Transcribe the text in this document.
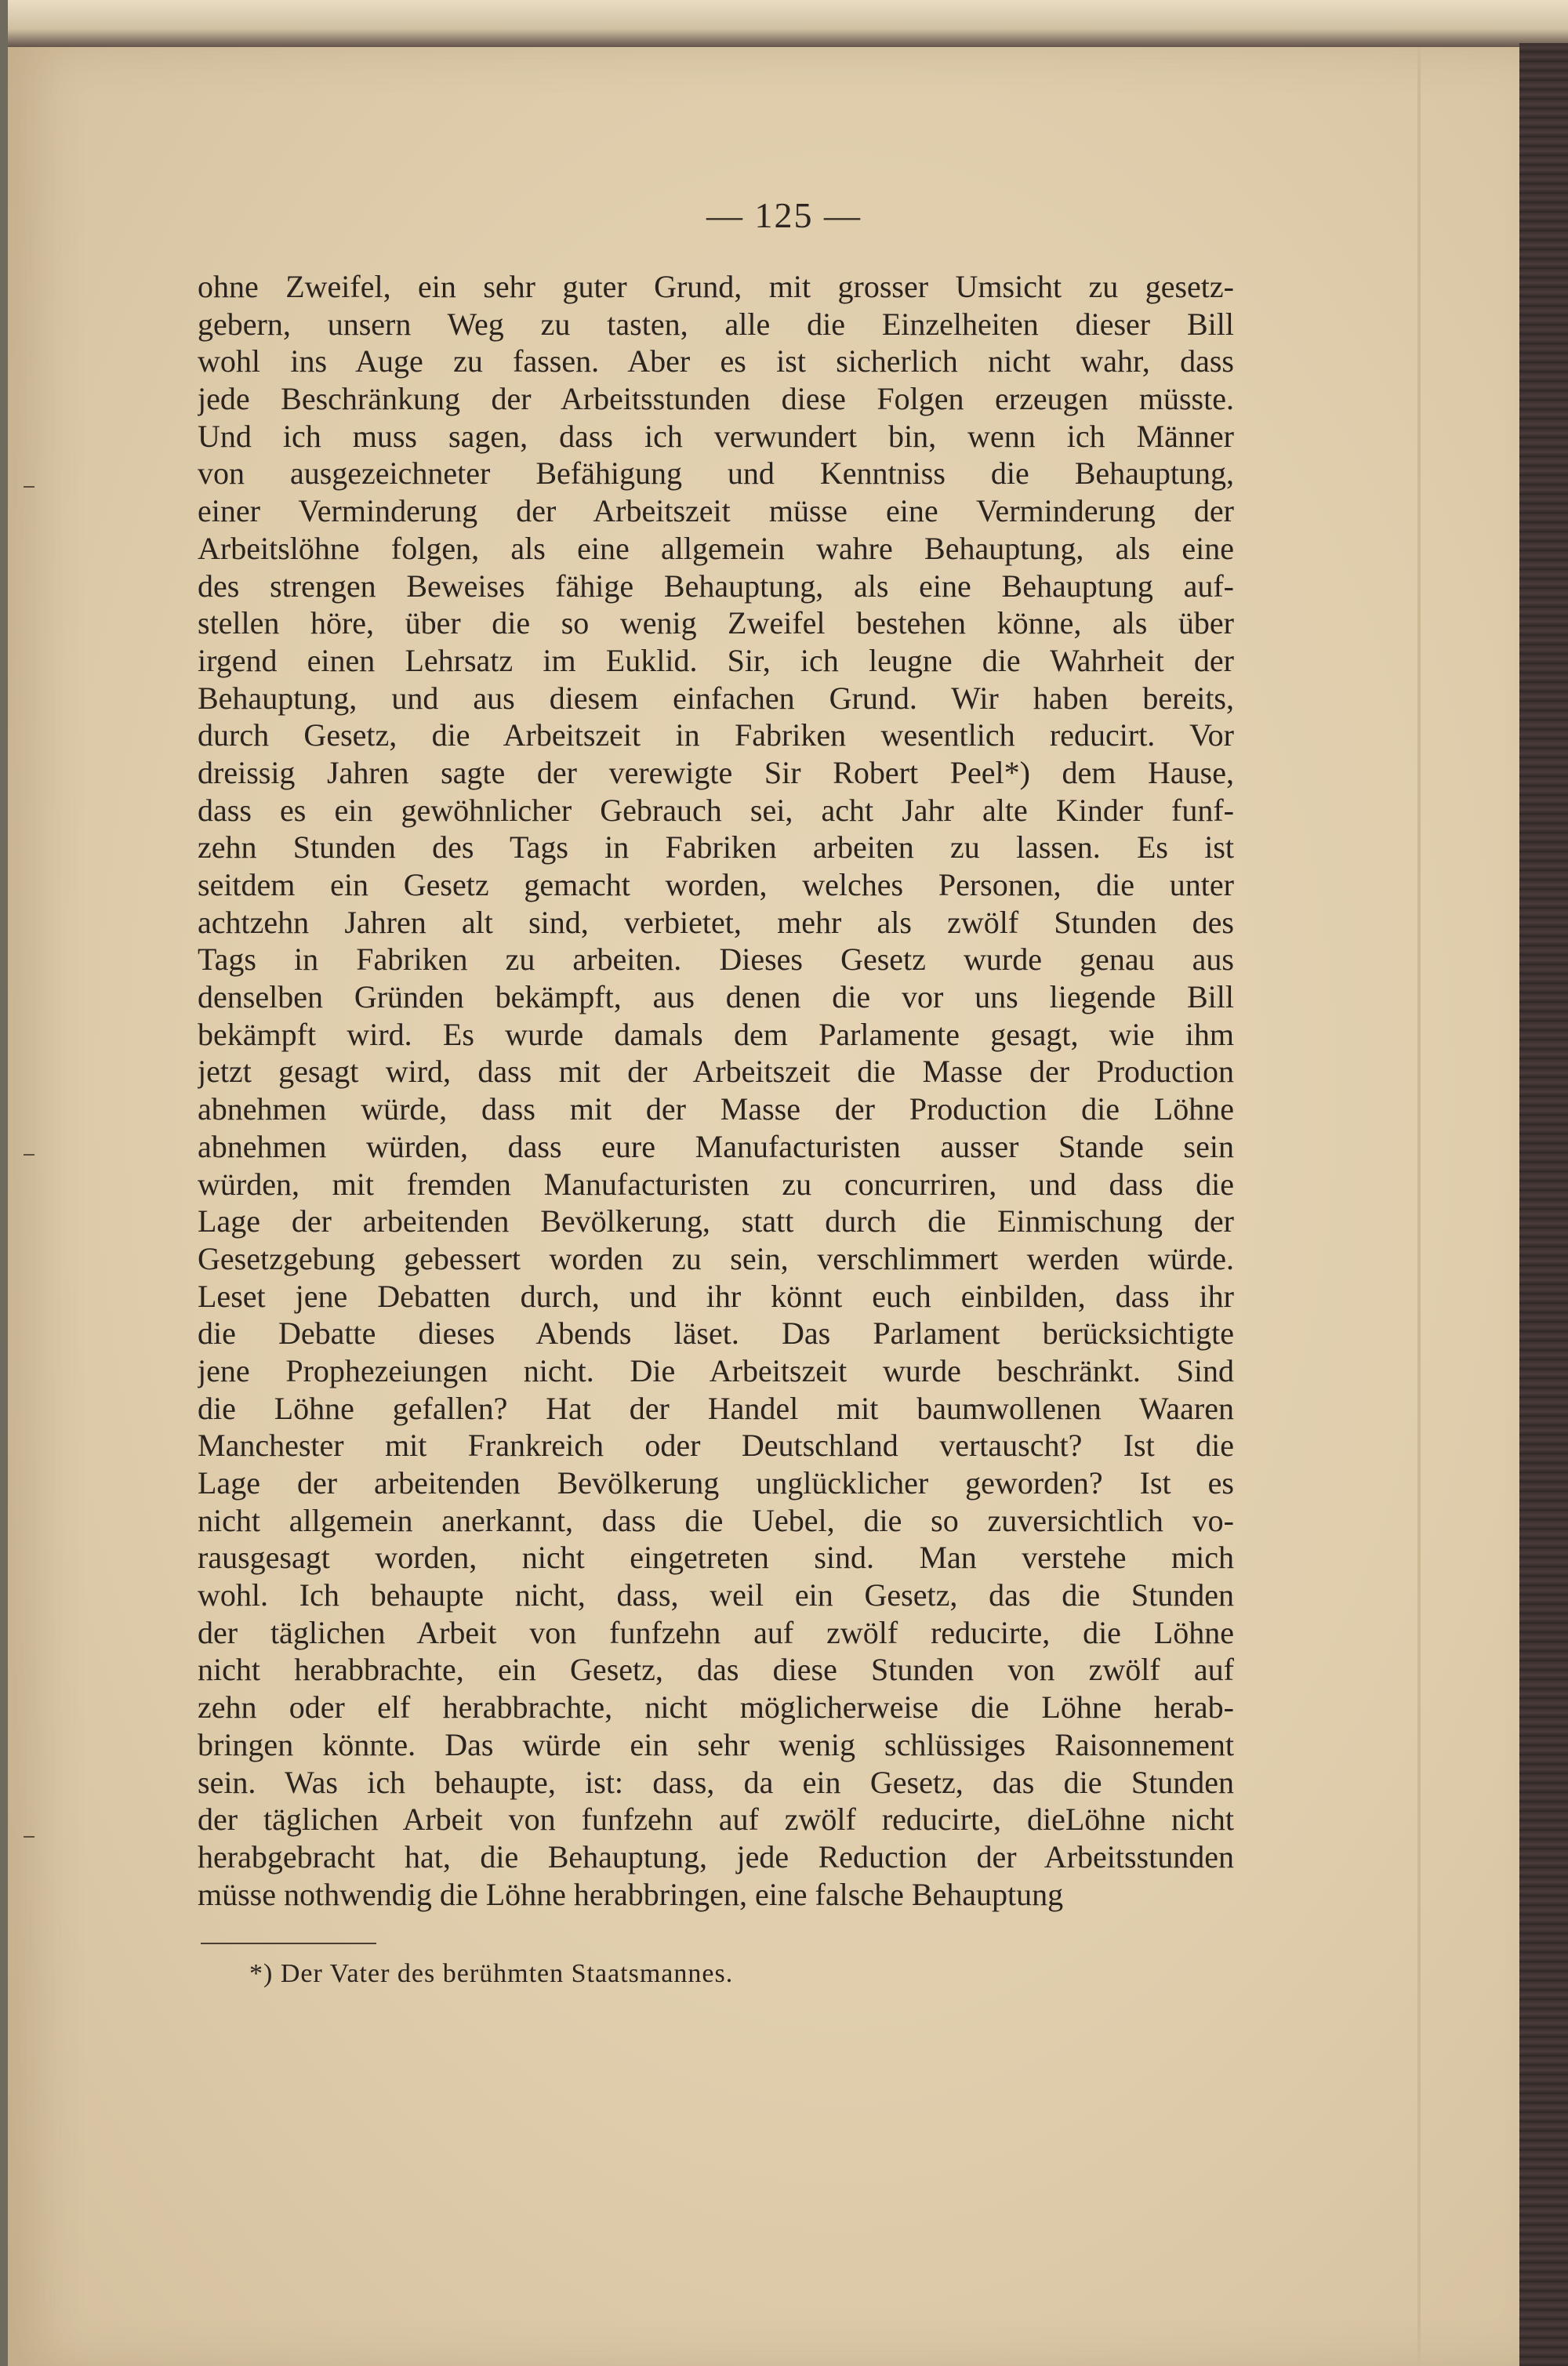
— 125 —
ohne Zweifel, ein sehr guter Grund, mit grosser Umsicht zu gesetz-
gebern, unsern Weg zu tasten, alle die Einzelheiten dieser Bill
wohl ins Auge zu fassen. Aber es ist sicherlich nicht wahr, dass
jede Beschränkung der Arbeitsstunden diese Folgen erzeugen müsste.
Und ich muss sagen, dass ich verwundert bin, wenn ich Männer
von ausgezeichneter Befähigung und Kenntniss die Behauptung,
einer Verminderung der Arbeitszeit müsse eine Verminderung der
Arbeitslöhne folgen, als eine allgemein wahre Behauptung, als eine
des strengen Beweises fähige Behauptung, als eine Behauptung auf-
stellen höre, über die so wenig Zweifel bestehen könne, als über
irgend einen Lehrsatz im Euklid. Sir, ich leugne die Wahrheit der
Behauptung, und aus diesem einfachen Grund. Wir haben bereits,
durch Gesetz, die Arbeitszeit in Fabriken wesentlich reducirt. Vor
dreissig Jahren sagte der verewigte Sir Robert Peel*) dem Hause,
dass es ein gewöhnlicher Gebrauch sei, acht Jahr alte Kinder funf-
zehn Stunden des Tags in Fabriken arbeiten zu lassen. Es ist
seitdem ein Gesetz gemacht worden, welches Personen, die unter
achtzehn Jahren alt sind, verbietet, mehr als zwölf Stunden des
Tags in Fabriken zu arbeiten. Dieses Gesetz wurde genau aus
denselben Gründen bekämpft, aus denen die vor uns liegende Bill
bekämpft wird. Es wurde damals dem Parlamente gesagt, wie ihm
jetzt gesagt wird, dass mit der Arbeitszeit die Masse der Production
abnehmen würde, dass mit der Masse der Production die Löhne
abnehmen würden, dass eure Manufacturisten ausser Stande sein
würden, mit fremden Manufacturisten zu concurriren, und dass die
Lage der arbeitenden Bevölkerung, statt durch die Einmischung der
Gesetzgebung gebessert worden zu sein, verschlimmert werden würde.
Leset jene Debatten durch, und ihr könnt euch einbilden, dass ihr
die Debatte dieses Abends läset. Das Parlament berücksichtigte
jene Prophezeiungen nicht. Die Arbeitszeit wurde beschränkt. Sind
die Löhne gefallen? Hat der Handel mit baumwollenen Waaren
Manchester mit Frankreich oder Deutschland vertauscht? Ist die
Lage der arbeitenden Bevölkerung unglücklicher geworden? Ist es
nicht allgemein anerkannt, dass die Uebel, die so zuversichtlich vo-
rausgesagt worden, nicht eingetreten sind. Man verstehe mich
wohl. Ich behaupte nicht, dass, weil ein Gesetz, das die Stunden
der täglichen Arbeit von funfzehn auf zwölf reducirte, die Löhne
nicht herabbrachte, ein Gesetz, das diese Stunden von zwölf auf
zehn oder elf herabbrachte, nicht möglicherweise die Löhne herab-
bringen könnte. Das würde ein sehr wenig schlüssiges Raisonnement
sein. Was ich behaupte, ist: dass, da ein Gesetz, das die Stunden
der täglichen Arbeit von funfzehn auf zwölf reducirte, dieLöhne nicht
herabgebracht hat, die Behauptung, jede Reduction der Arbeitsstunden
müsse nothwendig die Löhne herabbringen, eine falsche Behauptung
*) Der Vater des berühmten Staatsmannes.
